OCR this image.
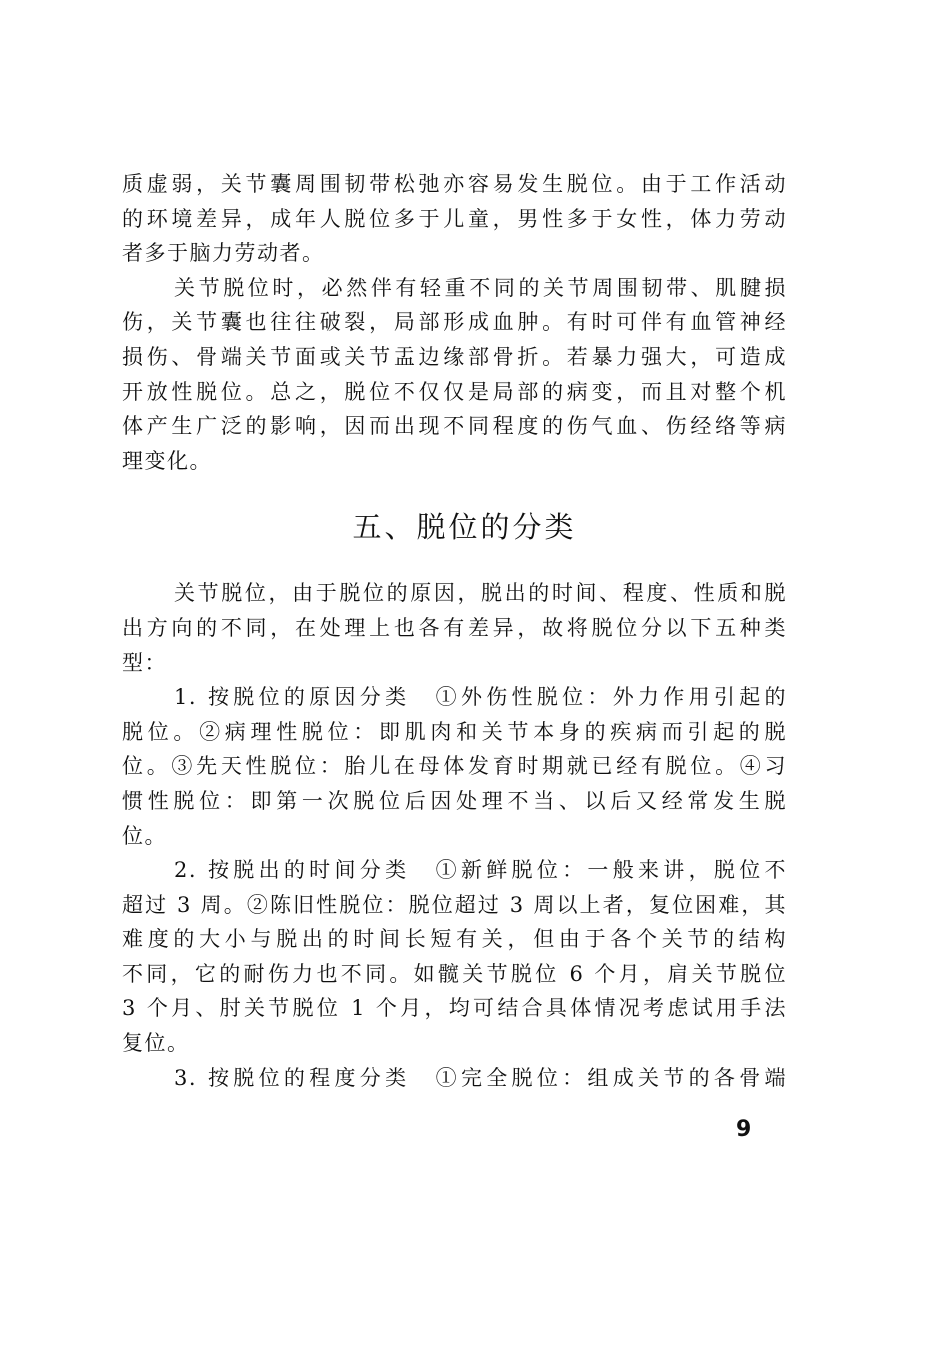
质虚弱，关节囊周围韧带松弛亦容易发生脱位。由于工作活动
的环境差异，成年人脱位多于儿童，男性多于女性，体力劳动
者多于脑力劳动者。
关节脱位时，必然伴有轻重不同的关节周围韧带、肌腱损
伤，关节囊也往往破裂，局部形成血肿。有时可伴有血管神经
损伤、骨端关节面或关节盂边缘部骨折。若暴力强大，可造成
开放性脱位。总之，脱位不仅仅是局部的病变，而且对整个机
体产生广泛的影响，因而出现不同程度的伤气血、伤经络等病
理变化。
五、脱位的分类
关节脱位，由于脱位的原因，脱出的时间、程度、性质和脱
出方向的不同，在处理上也各有差异，故将脱位分以下五种类
型：
1. 按脱位的原因分类　①外伤性脱位：外力作用引起的
脱位。②病理性脱位：即肌肉和关节本身的疾病而引起的脱
位。③先天性脱位：胎儿在母体发育时期就已经有脱位。④习
惯性脱位：即第一次脱位后因处理不当、以后又经常发生脱
位。
2. 按脱出的时间分类　①新鲜脱位：一般来讲，脱位不
超过 3 周。②陈旧性脱位：脱位超过 3 周以上者，复位困难，其
难度的大小与脱出的时间长短有关，但由于各个关节的结构
不同，它的耐伤力也不同。如髋关节脱位 6 个月，肩关节脱位
3 个月、肘关节脱位 1 个月，均可结合具体情况考虑试用手法
复位。
3. 按脱位的程度分类　①完全脱位：组成关节的各骨端
9
